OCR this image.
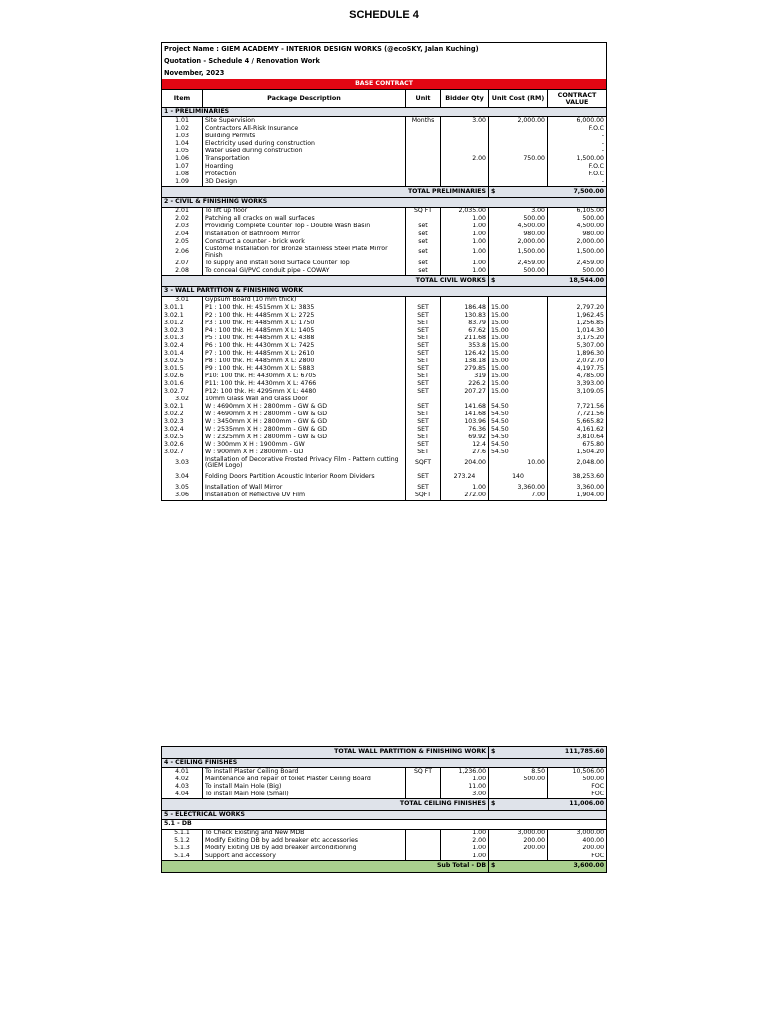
SCHEDULE 4
Project Name : GIEM ACADEMY - INTERIOR DESIGN WORKS (@ecoSKY, Jalan Kuching)					
Quotation - Schedule 4 / Renovation Work					
November, 2023					
BASE CONTRACT					
Item	Package Description	Unit	Bidder Qty	Unit Cost (RM)	CONTRACT VALUE
1 - PRELIMINARIES					
1.01	Site Supervision	Months	3.00	2,000.00	6,000.00
1.02	Contractors All-Risk Insurance				F.O.C
1.03	Building Permits				-
1.04	Electricity used during construction				-
1.05	Water used during construction				-
1.06	Transportation		2.00	750.00	1,500.00
1.07	Hoarding				F.O.C
1.08	Protection				F.O.C
1.09	3D Design				-
TOTAL PRELIMINARIES				$	7,500.00
2 - CIVIL & FINISHING WORKS					
2.01	To lift up floor	SQ FT	2,035.00	3.00	6,105.00
2.02	Patching all cracks on wall surfaces		1.00	500.00	500.00
2.03	Providing Complete Counter Top - Double Wash Basin	set	1.00	4,500.00	4,500.00
2.04	Installation of Bathroom Mirror	set	1.00	980.00	980.00
2.05	Construct a counter - brick work	set	1.00	2,000.00	2,000.00
2.06	Custome Installation for Bronze Stainless Steel Plate Mirror Finish	set	1.00	1,500.00	1,500.00
2.07	To supply and install Solid Surface Counter Top	set	1.00	2,459.00	2,459.00
2.08	To conceal GI/PVC conduit pipe - COWAY	set	1.00	500.00	500.00
TOTAL CIVIL WORKS				$	18,544.00
3 - WALL PARTITION & FINISHING WORK					
3.01	Gypsum Board (10 mm thick)				
3.01.1	P1 : 100 thk. H: 4515mm X L: 3835	SET	186.48	15.00	2,797.20
3.02.1	P2 : 100 thk. H: 4485mm X L: 2725	SET	130.83	15.00	1,962.45
3.01.2	P3 : 100 thk. H: 4485mm X L: 1750	SET	83.79	15.00	1,256.85
3.02.3	P4 : 100 thk. H: 4485mm X L: 1405	SET	67.62	15.00	1,014.30
3.01.3	P5 : 100 thk. H: 4485mm X L: 4388	SET	211.68	15.00	3,175.20
3.02.4	P6 : 100 thk. H: 4430mm X L: 7425	SET	353.8	15.00	5,307.00
3.01.4	P7 : 100 thk. H: 4485mm X L: 2610	SET	126.42	15.00	1,896.30
3.02.5	P8 : 100 thk. H: 4485mm X L: 2800	SET	138.18	15.00	2,072.70
3.01.5	P9 : 100 thk. H: 4430mm X L: 5883	SET	279.85	15.00	4,197.75
3.02.6	P10: 100 thk. H: 4430mm X L: 6705	SET	319	15.00	4,785.00
3.01.6	P11: 100 thk. H: 4430mm X L: 4766	SET	226.2	15.00	3,393.00
3.02.7	P12: 100 thk. H: 4295mm X L: 4480	SET	207.27	15.00	3,109.05
3.02	10mm Glass Wall and Glass Door				
3.02.1	W : 4690mm X H : 2800mm - GW & GD	SET	141.68	54.50	7,721.56
3.02.2	W : 4690mm X H : 2800mm - GW & GD	SET	141.68	54.50	7,721.56
3.02.3	W : 3450mm X H : 2800mm - GW & GD	SET	103.96	54.50	5,665.82
3.02.4	W : 2535mm X H : 2800mm - GW & GD	SET	76.36	54.50	4,161.62
3.02.5	W : 2325mm X H : 2800mm - GW & GD	SET	69.92	54.50	3,810.64
3.02.6	W : 300mm X H : 1900mm - GW	SET	12.4	54.50	675.80
3.02.7	W : 900mm X H : 2800mm - GD	SET	27.6	54.50	1,504.20
3.03	Installation of Decorative Frosted Privacy Film - Pattern cutting (GIEM Logo)	SQFT	204.00	10.00	2,048.00
3.04	Folding Doors Partition Acoustic Interior Room Dividers	SET	273.24	140	38,253.60
3.05	Installation of Wall Mirror	SET	1.00	3,360.00	3,360.00
3.06	Installation of Reflective UV Film	SQFT	272.00	7.00	1,904.00
TOTAL WALL PARTITION & FINISHING WORK				$	111,785.60
4 - CEILING FINISHES					
4.01	To install Plaster Ceiling Board	SQ FT	1,236.00	8.50	10,506.00
4.02	Maintenance and repair of toilet Plaster Ceiling Board		1.00	500.00	500.00
4.03	To install Main Hole (Big)		11.00		FOC
4.04	To install Main Hole (Small)		3.00		FOC
TOTAL CEILING FINISHES				$	11,006.00
5 - ELECTRICAL WORKS					
5.1 - DB					
5.1.1	To Check Existing and New MDB		1.00	3,000.00	3,000.00
5.1.2	Modify Exiting DB by add breaker etc accessories		2.00	200.00	400.00
5.1.3	Modify Exiting DB by add breaker airconditioning		1.00	200.00	200.00
5.1.4	Support and accessory		1.00		FOC
Sub Total - DB				$	3,600.00
